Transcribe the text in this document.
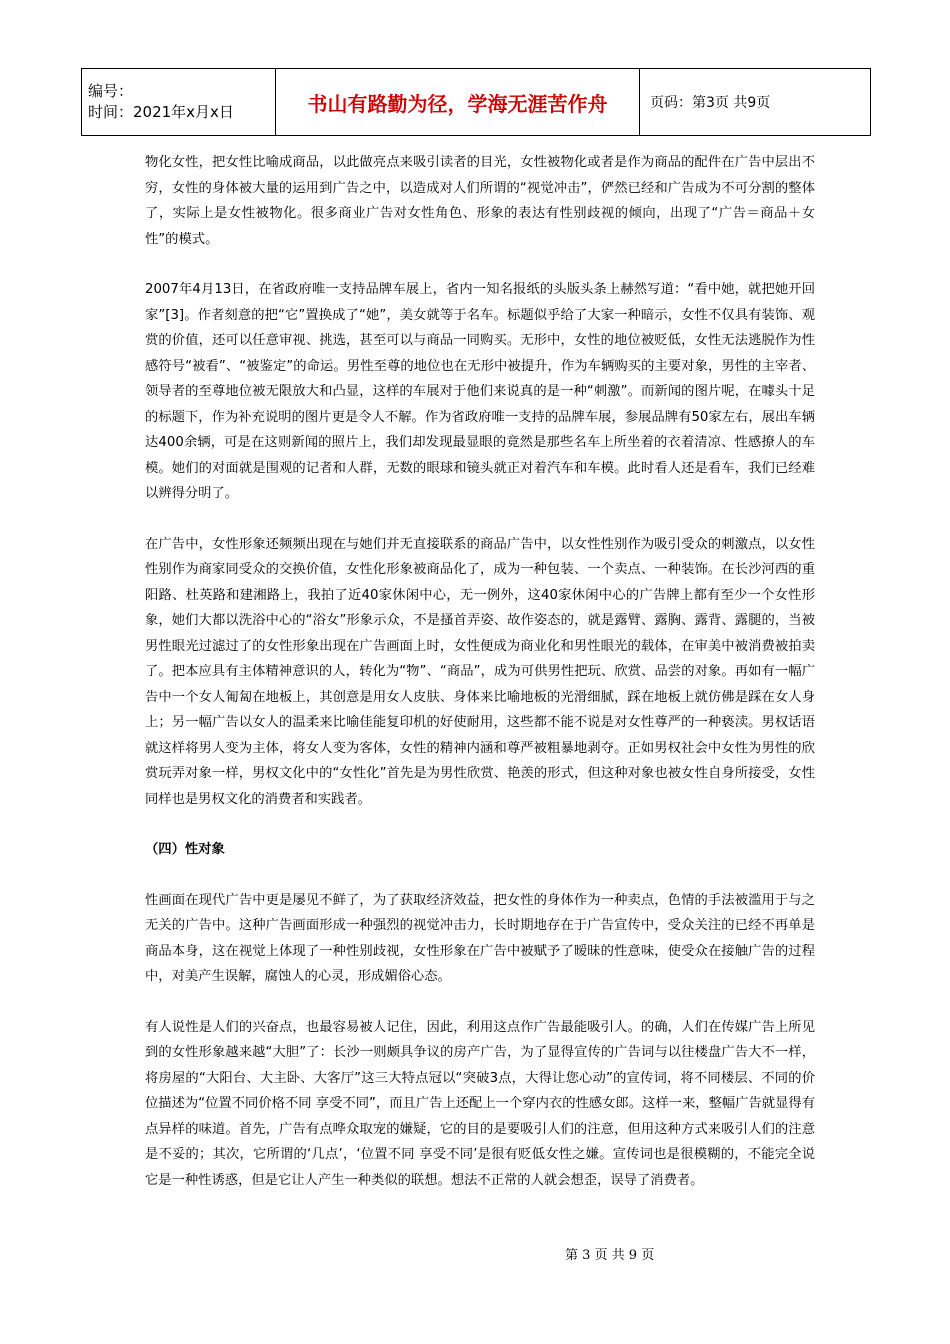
编号：
时间：2021年x月x日	书山有路勤为径，学海无涯苦作舟	页码：第3页 共9页

物化女性，把女性比喻成商品，以此做亮点来吸引读者的目光，女性被物化或者是作为商品的配件在广告中层出不穷，女性的身体被大量的运用到广告之中，以造成对人们所谓的“视觉冲击”，俨然已经和广告成为不可分割的整体了，实际上是女性被物化。很多商业广告对女性角色、形象的表达有性别歧视的倾向，出现了“广告＝商品＋女性”的模式。

2007年4月13日，在省政府唯一支持品牌车展上，省内一知名报纸的头版头条上赫然写道：“看中她，就把她开回家”[3]。作者刻意的把“它”置换成了“她”，美女就等于名车。标题似乎给了大家一种暗示，女性不仅具有装饰、观赏的价值，还可以任意审视、挑选，甚至可以与商品一同购买。无形中，女性的地位被贬低，女性无法逃脱作为性感符号“被看”、“被鉴定”的命运。男性至尊的地位也在无形中被提升，作为车辆购买的主要对象，男性的主宰者、领导者的至尊地位被无限放大和凸显，这样的车展对于他们来说真的是一种“刺激”。而新闻的图片呢，在噱头十足的标题下，作为补充说明的图片更是令人不解。作为省政府唯一支持的品牌车展，参展品牌有50家左右，展出车辆达400余辆，可是在这则新闻的照片上，我们却发现最显眼的竟然是那些名车上所坐着的衣着清凉、性感撩人的车模。她们的对面就是围观的记者和人群，无数的眼球和镜头就正对着汽车和车模。此时看人还是看车，我们已经难以辨得分明了。

在广告中，女性形象还频频出现在与她们并无直接联系的商品广告中，以女性性别作为吸引受众的刺激点，以女性性别作为商家同受众的交换价值，女性化形象被商品化了，成为一种包装、一个卖点、一种装饰。在长沙河西的重阳路、杜英路和建湘路上，我拍了近40家休闲中心，无一例外，这40家休闲中心的广告牌上都有至少一个女性形象，她们大都以洗浴中心的“浴女”形象示众，不是搔首弄姿、故作姿态的，就是露臂、露胸、露背、露腿的，当被男性眼光过滤过了的女性形象出现在广告画面上时，女性便成为商业化和男性眼光的载体，在审美中被消费被拍卖了。把本应具有主体精神意识的人，转化为“物”、“商品”，成为可供男性把玩、欣赏、品尝的对象。再如有一幅广告中一个女人匍匐在地板上，其创意是用女人皮肤、身体来比喻地板的光滑细腻，踩在地板上就仿佛是踩在女人身上；另一幅广告以女人的温柔来比喻佳能复印机的好使耐用，这些都不能不说是对女性尊严的一种亵渎。男权话语就这样将男人变为主体，将女人变为客体，女性的精神内涵和尊严被粗暴地剥夺。正如男权社会中女性为男性的欣赏玩弄对象一样，男权文化中的“女性化”首先是为男性欣赏、艳羡的形式，但这种对象也被女性自身所接受，女性同样也是男权文化的消费者和实践者。

（四）性对象

性画面在现代广告中更是屡见不鲜了，为了获取经济效益，把女性的身体作为一种卖点，色情的手法被滥用于与之无关的广告中。这种广告画面形成一种强烈的视觉冲击力，长时期地存在于广告宣传中，受众关注的已经不再单是商品本身，这在视觉上体现了一种性别歧视，女性形象在广告中被赋予了暧昧的性意味，使受众在接触广告的过程中，对美产生误解，腐蚀人的心灵，形成媚俗心态。

有人说性是人们的兴奋点，也最容易被人记住，因此，利用这点作广告最能吸引人。的确，人们在传媒广告上所见到的女性形象越来越“大胆”了：长沙一则颇具争议的房产广告，为了显得宣传的广告词与以往楼盘广告大不一样，将房屋的“大阳台、大主卧、大客厅”这三大特点冠以“突破3点，大得让您心动”的宣传词，将不同楼层、不同的价位描述为“位置不同价格不同 享受不同”，而且广告上还配上一个穿内衣的性感女郎。这样一来，整幅广告就显得有点异样的味道。首先，广告有点哗众取宠的嫌疑，它的目的是要吸引人们的注意，但用这种方式来吸引人们的注意是不妥的；其次，它所谓的‘几点’，‘位置不同 享受不同’是很有贬低女性之嫌。宣传词也是很模糊的，不能完全说它是一种性诱惑，但是它让人产生一种类似的联想。想法不正常的人就会想歪，误导了消费者。

第 3 页 共 9 页
